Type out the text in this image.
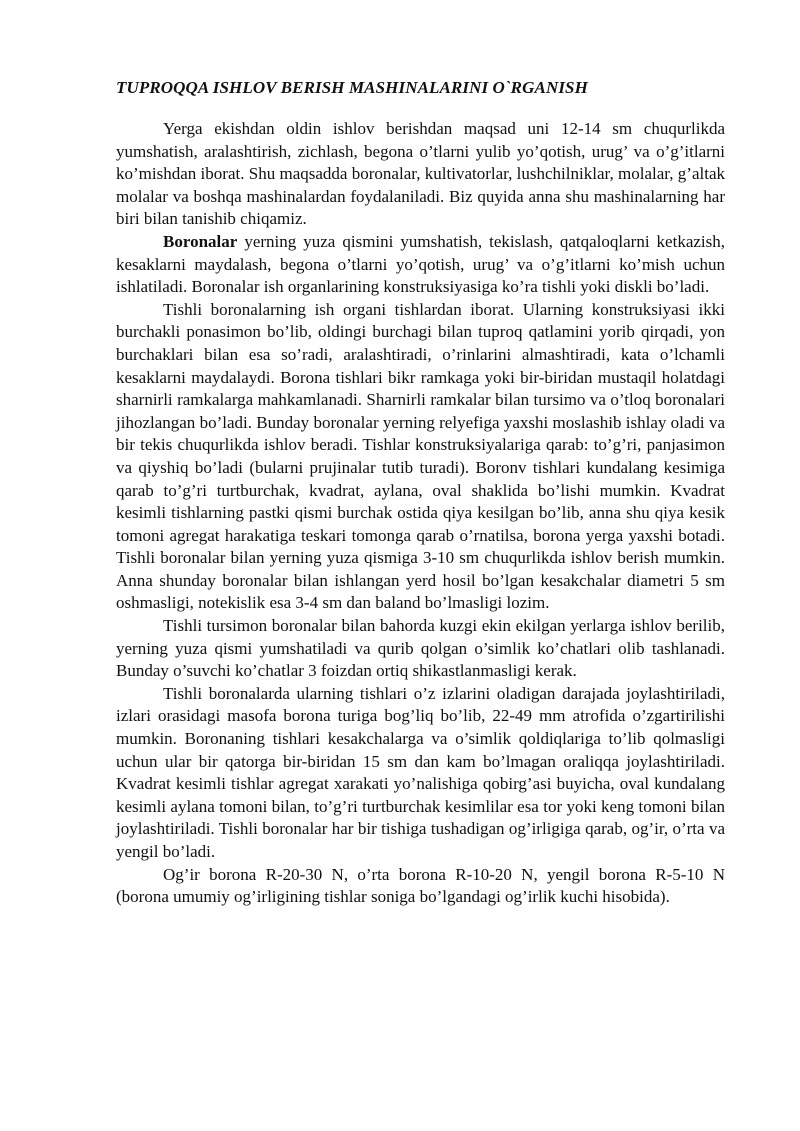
TUPROQQA ISHLOV BERISH MASHINALARINI O`RGANISH

Yerga ekishdan oldin ishlov berishdan maqsad uni 12-14 sm chuqurlikda yumshatish, aralashtirish, zichlash, begona o’tlarni yulib yo’qotish, urug’ va o’g’itlarni ko’mishdan iborat. Shu maqsadda boronalar, kultivatorlar, lushchilniklar, molalar, g’altak molalar va boshqa mashinalardan foydalaniladi. Biz quyida anna shu mashinalarning har biri bilan tanishib chiqamiz.

Boronalar yerning yuza qismini yumshatish, tekislash, qatqaloqlarni ketkazish, kesaklarni maydalash, begona o’tlarni yo’qotish, urug’ va o’g’itlarni ko’mish uchun ishlatiladi. Boronalar ish organlarining konstruksiyasiga ko’ra tishli yoki diskli bo’ladi.

Tishli boronalarning ish organi tishlardan iborat. Ularning konstruksiyasi ikki burchakli ponasimon bo’lib, oldingi burchagi bilan tuproq qatlamini yorib qirqadi, yon burchaklari bilan esa so’radi, aralashtiradi, o’rinlarini almashtiradi, kata o’lchamli kesaklarni maydalaydi. Borona tishlari bikr ramkaga yoki bir-biridan mustaqil holatdagi sharnirli ramkalarga mahkamlanadi. Sharnirli ramkalar bilan tursimo va o’tloq boronalari jihozlangan bo’ladi. Bunday boronalar yerning relyefiga yaxshi moslashib ishlay oladi va bir tekis chuqurlikda ishlov beradi. Tishlar konstruksiyalariga qarab: to’g’ri, panjasimon va qiyshiq bo’ladi (bularni prujinalar tutib turadi). Boronv tishlari kundalang kesimiga qarab to’g’ri turtburchak, kvadrat, aylana, oval shaklida bo’lishi mumkin. Kvadrat kesimli tishlarning pastki qismi burchak ostida qiya kesilgan bo’lib, anna shu qiya kesik tomoni agregat harakatiga teskari tomonga qarab o’rnatilsa, borona yerga yaxshi botadi. Tishli boronalar bilan yerning yuza qismiga 3-10 sm chuqurlikda ishlov berish mumkin. Anna shunday boronalar bilan ishlangan yerd hosil bo’lgan kesakchalar diametri 5 sm oshmasligi, notekislik esa 3-4 sm dan baland bo’lmasligi lozim.

Tishli tursimon boronalar bilan bahorda kuzgi ekin ekilgan yerlarga ishlov berilib, yerning yuza qismi yumshatiladi va qurib qolgan o’simlik ko’chatlari olib tashlanadi. Bunday o’suvchi ko’chatlar 3 foizdan ortiq shikastlanmasligi kerak.

Tishli boronalarda ularning tishlari o’z izlarini oladigan darajada joylashtiriladi, izlari orasidagi masofa borona turiga bog’liq bo’lib, 22-49 mm atrofida o’zgartirilishi mumkin. Boronaning tishlari kesakchalarga va o’simlik qoldiqlariga to’lib qolmasligi uchun ular bir qatorga bir-biridan 15 sm dan kam bo’lmagan oraliqqa joylashtiriladi. Kvadrat kesimli tishlar agregat xarakati yo’nalishiga qobirg’asi buyicha, oval kundalang kesimli aylana tomoni bilan, to’g’ri turtburchak kesimlilar esa tor yoki keng tomoni bilan joylashtiriladi. Tishli boronalar har bir tishiga tushadigan og’irligiga qarab, og’ir, o’rta va yengil bo’ladi.

Og’ir borona R-20-30 N, o’rta borona R-10-20 N, yengil borona R-5-10 N (borona umumiy og’irligining tishlar soniga bo’lgandagi og’irlik kuchi hisobida).
